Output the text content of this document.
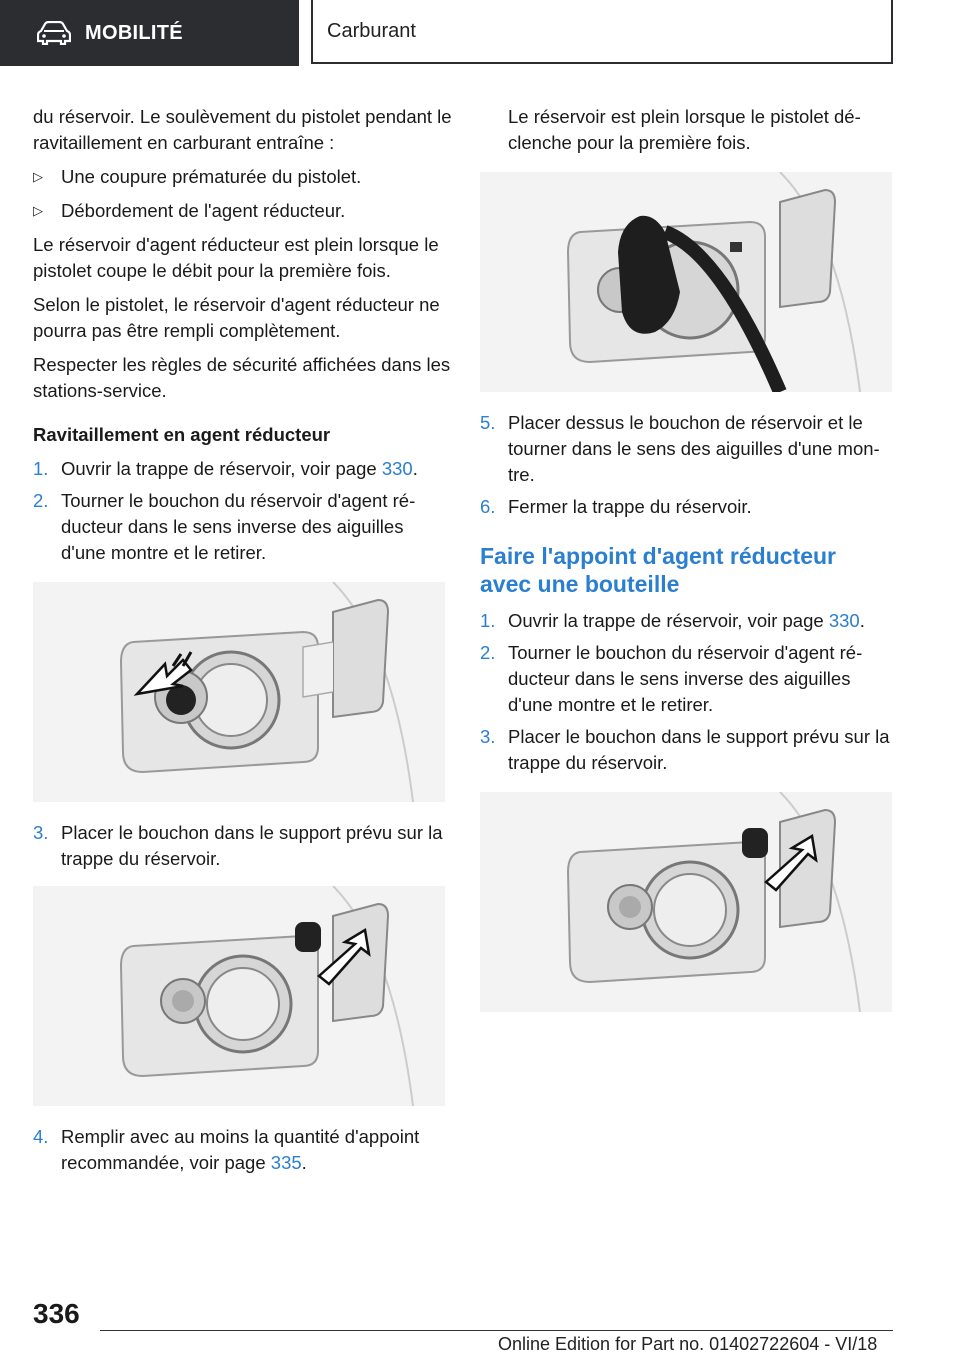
MOBILITÉ	Carburant

du réservoir. Le soulèvement du pistolet pendant le ravitaillement en carburant entraîne :

▷ Une coupure prématurée du pistolet.
▷ Débordement de l'agent réducteur.

Le réservoir d'agent réducteur est plein lorsque le pistolet coupe le débit pour la première fois.

Selon le pistolet, le réservoir d'agent réducteur ne pourra pas être rempli complètement.

Respecter les règles de sécurité affichées dans les stations-service.

Ravitaillement en agent réducteur
1. Ouvrir la trappe de réservoir, voir page 330.
2. Tourner le bouchon du réservoir d'agent réducteur dans le sens inverse des aiguilles d'une montre et le retirer.
3. Placer le bouchon dans le support prévu sur la trappe du réservoir.
4. Remplir avec au moins la quantité d'appoint recommandée, voir page 335.

Le réservoir est plein lorsque le pistolet déclenche pour la première fois.

5. Placer dessus le bouchon de réservoir et le tourner dans le sens des aiguilles d'une montre.
6. Fermer la trappe du réservoir.
Faire l'appoint d'agent réducteur avec une bouteille
1. Ouvrir la trappe de réservoir, voir page 330.
2. Tourner le bouchon du réservoir d'agent réducteur dans le sens inverse des aiguilles d'une montre et le retirer.
3. Placer le bouchon dans le support prévu sur la trappe du réservoir.
336
Online Edition for Part no. 01402722604 - VI/18
